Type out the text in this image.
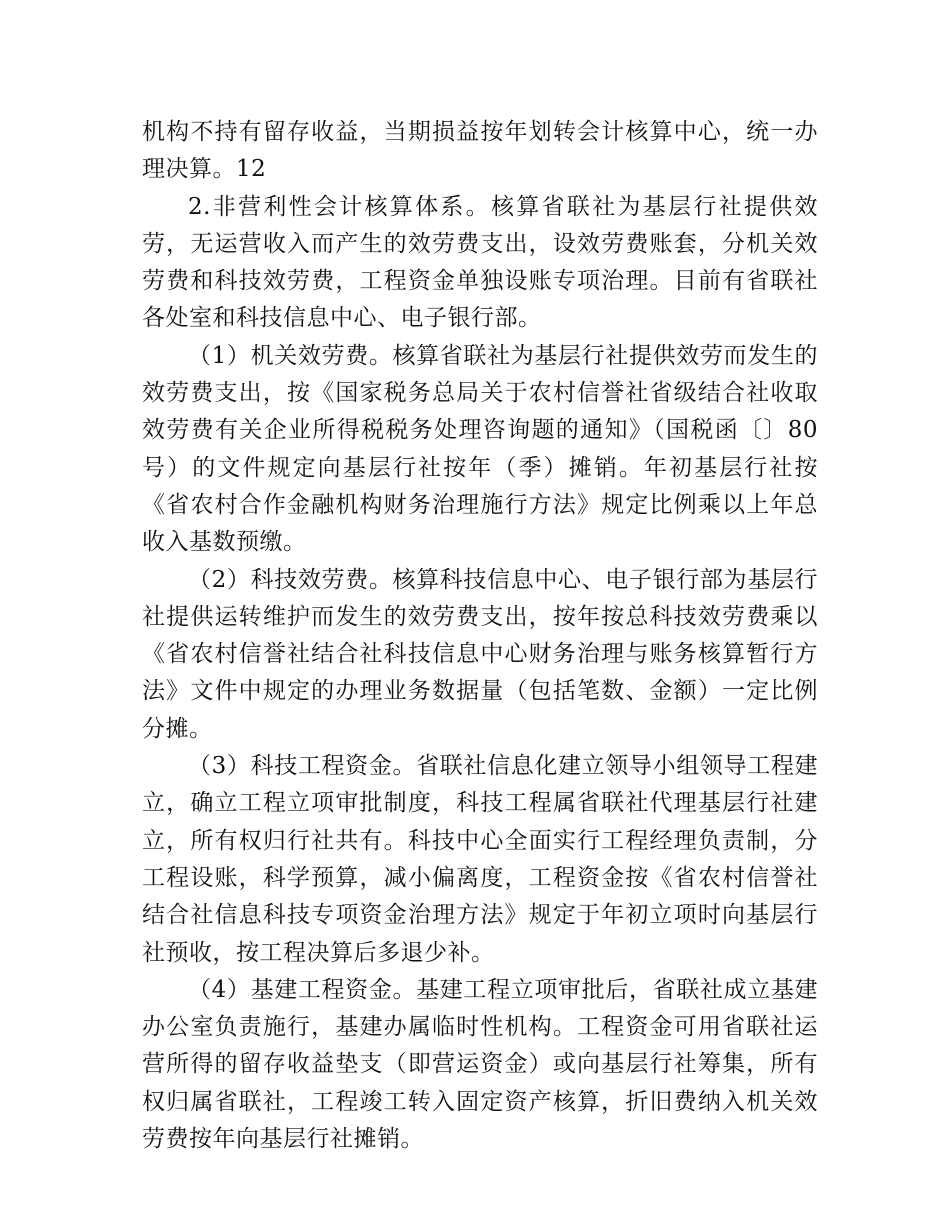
机构不持有留存收益，当期损益按年划转会计核算中心，统一办理决算。12

2.非营利性会计核算体系。核算省联社为基层行社提供效劳，无运营收入而产生的效劳费支出，设效劳费账套，分机关效劳费和科技效劳费，工程资金单独设账专项治理。目前有省联社各处室和科技信息中心、电子银行部。

（1）机关效劳费。核算省联社为基层行社提供效劳而发生的效劳费支出，按《国家税务总局关于农村信誉社省级结合社收取效劳费有关企业所得税税务处理咨询题的通知》（国税函〔〕80号）的文件规定向基层行社按年（季）摊销。年初基层行社按《省农村合作金融机构财务治理施行方法》规定比例乘以上年总收入基数预缴。

（2）科技效劳费。核算科技信息中心、电子银行部为基层行社提供运转维护而发生的效劳费支出，按年按总科技效劳费乘以《省农村信誉社结合社科技信息中心财务治理与账务核算暂行方法》文件中规定的办理业务数据量（包括笔数、金额）一定比例分摊。

（3）科技工程资金。省联社信息化建立领导小组领导工程建立，确立工程立项审批制度，科技工程属省联社代理基层行社建立，所有权归行社共有。科技中心全面实行工程经理负责制，分工程设账，科学预算，减小偏离度，工程资金按《省农村信誉社结合社信息科技专项资金治理方法》规定于年初立项时向基层行社预收，按工程决算后多退少补。

（4）基建工程资金。基建工程立项审批后，省联社成立基建办公室负责施行，基建办属临时性机构。工程资金可用省联社运营所得的留存收益垫支（即营运资金）或向基层行社筹集，所有权归属省联社，工程竣工转入固定资产核算，折旧费纳入机关效劳费按年向基层行社摊销。
